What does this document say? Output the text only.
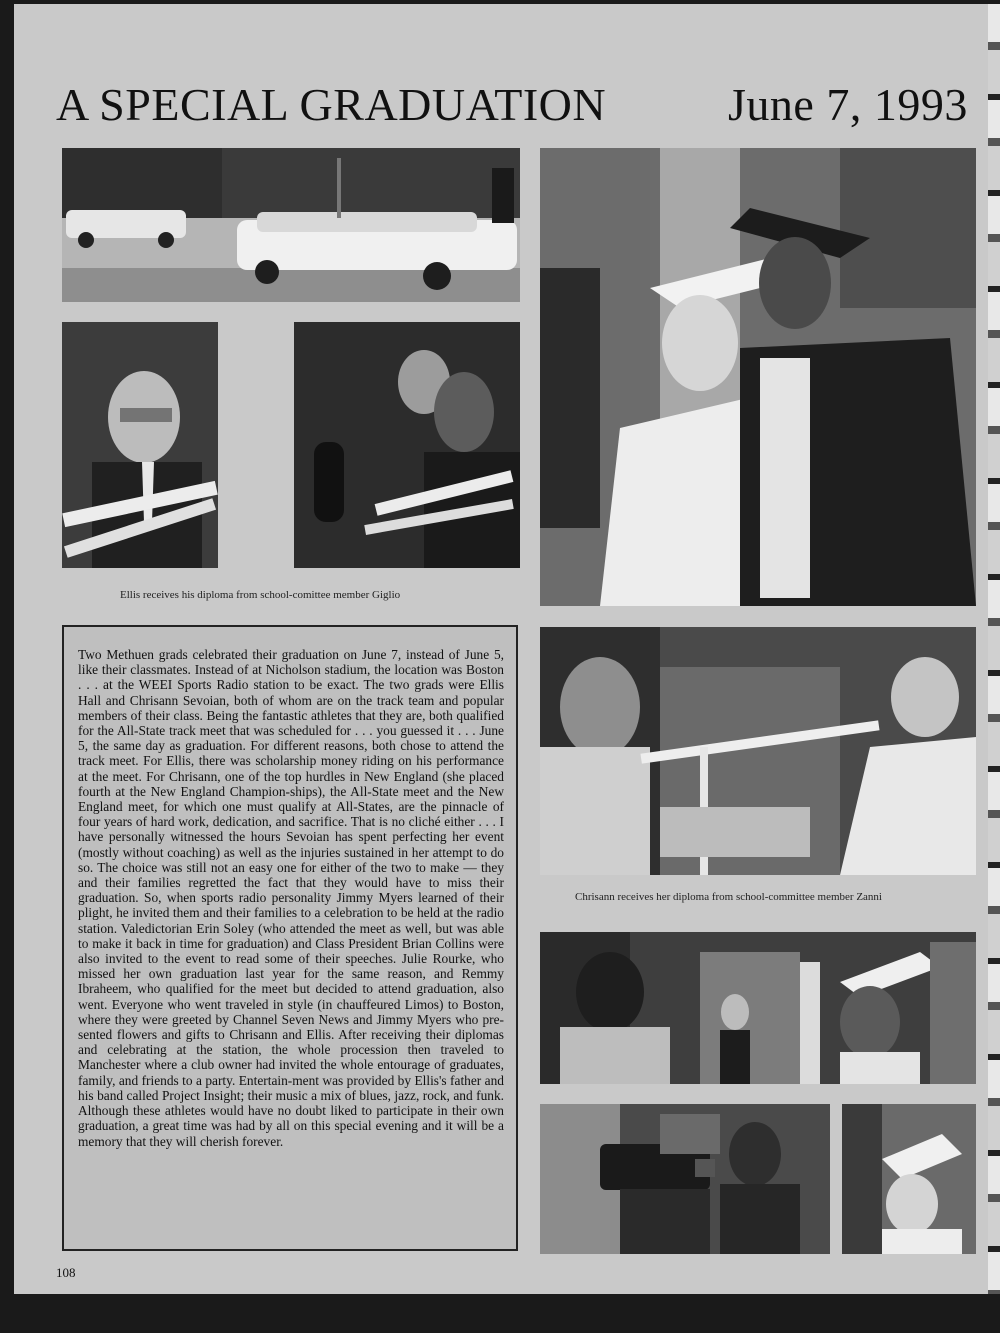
A SPECIAL GRADUATION	June 7, 1993
Ellis receives his diploma from school-comittee member Giglio

Two Methuen grads celebrated their graduation on June 7, instead of June 5, like their classmates. Instead of at Nicholson stadium, the location was Boston . . . at the WEEI Sports Radio station to be exact. The two grads were Ellis Hall and Chrisann Sevoian, both of whom are on the track team and popular members of their class. Being the fantastic athletes that they are, both qualified for the All-State track meet that was scheduled for . . . you guessed it . . . June 5, the same day as graduation. For different reasons, both chose to attend the track meet. For Ellis, there was scholarship money riding on his performance at the meet. For Chrisann, one of the top hurdles in New England (she placed fourth at the New England Champion-ships), the All-State meet and the New England meet, for which one must qualify at All-States, are the pinnacle of four years of hard work, dedication, and sacrifice. That is no cliché either . . . I have personally witnessed the hours Sevoian has spent perfecting her event (mostly without coaching) as well as the injuries sustained in her attempt to do so. The choice was still not an easy one for either of the two to make — they and their families regretted the fact that they would have to miss their graduation. So, when sports radio personality Jimmy Myers learned of their plight, he invited them and their families to a celebration to be held at the radio station. Valedictorian Erin Soley (who attended the meet as well, but was able to make it back in time for graduation) and Class President Brian Collins were also invited to the event to read some of their speeches. Julie Rourke, who missed her own graduation last year for the same reason, and Remmy Ibraheem, who qualified for the meet but decided to attend graduation, also went. Everyone who went traveled in style (in chauffeured Limos) to Boston, where they were greeted by Channel Seven News and Jimmy Myers who pre-sented flowers and gifts to Chrisann and Ellis. After receiving their diplomas and celebrating at the station, the whole procession then traveled to Manchester where a club owner had invited the whole entourage of graduates, family, and friends to a party. Entertain-ment was provided by Ellis's father and his band called Project Insight; their music a mix of blues, jazz, rock, and funk. Although these athletes would have no doubt liked to participate in their own graduation, a great time was had by all on this special evening and it will be a memory that they will cherish forever.

Chrisann receives her diploma from school-committee member Zanni
108
